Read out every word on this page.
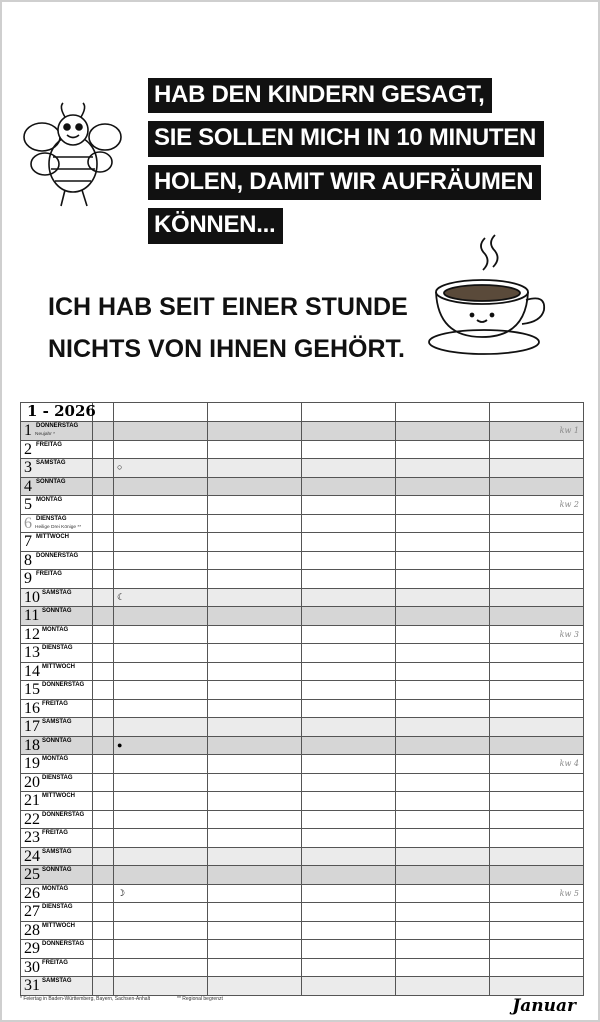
HAB DEN KINDERN GESAGT,
SIE SOLLEN MICH IN 10 MINUTEN
HOLEN, DAMIT WIR AUFRÄUMEN
KÖNNEN...
ICH HAB SEIT EINER STUNDE
NICHTS VON IHNEN GEHÖRT.
1 - 2026						

1 DONNERSTAG
Neujahr *						kw 1

2 FREITAG						

3 SAMSTAG		○				

4 SONNTAG						

5 MONTAG						kw 2

6 DIENSTAG
Heilige Drei Könige **						

7 MITTWOCH						

8 DONNERSTAG						

9 FREITAG						

10 SAMSTAG		☾				

11 SONNTAG						

12 MONTAG						kw 3

13 DIENSTAG						

14 MITTWOCH						

15 DONNERSTAG						

16 FREITAG						

17 SAMSTAG						

18 SONNTAG		●				

19 MONTAG						kw 4

20 DIENSTAG						

21 MITTWOCH						

22 DONNERSTAG						

23 FREITAG						

24 SAMSTAG						

25 SONNTAG						

26 MONTAG		☽				kw 5

27 DIENSTAG						

28 MITTWOCH						

29 DONNERSTAG						

30 FREITAG						

31 SAMSTAG						

* Feiertag in Baden-Württemberg, Bayern, Sachsen-Anhalt	** Regional begrenzt	Januar
